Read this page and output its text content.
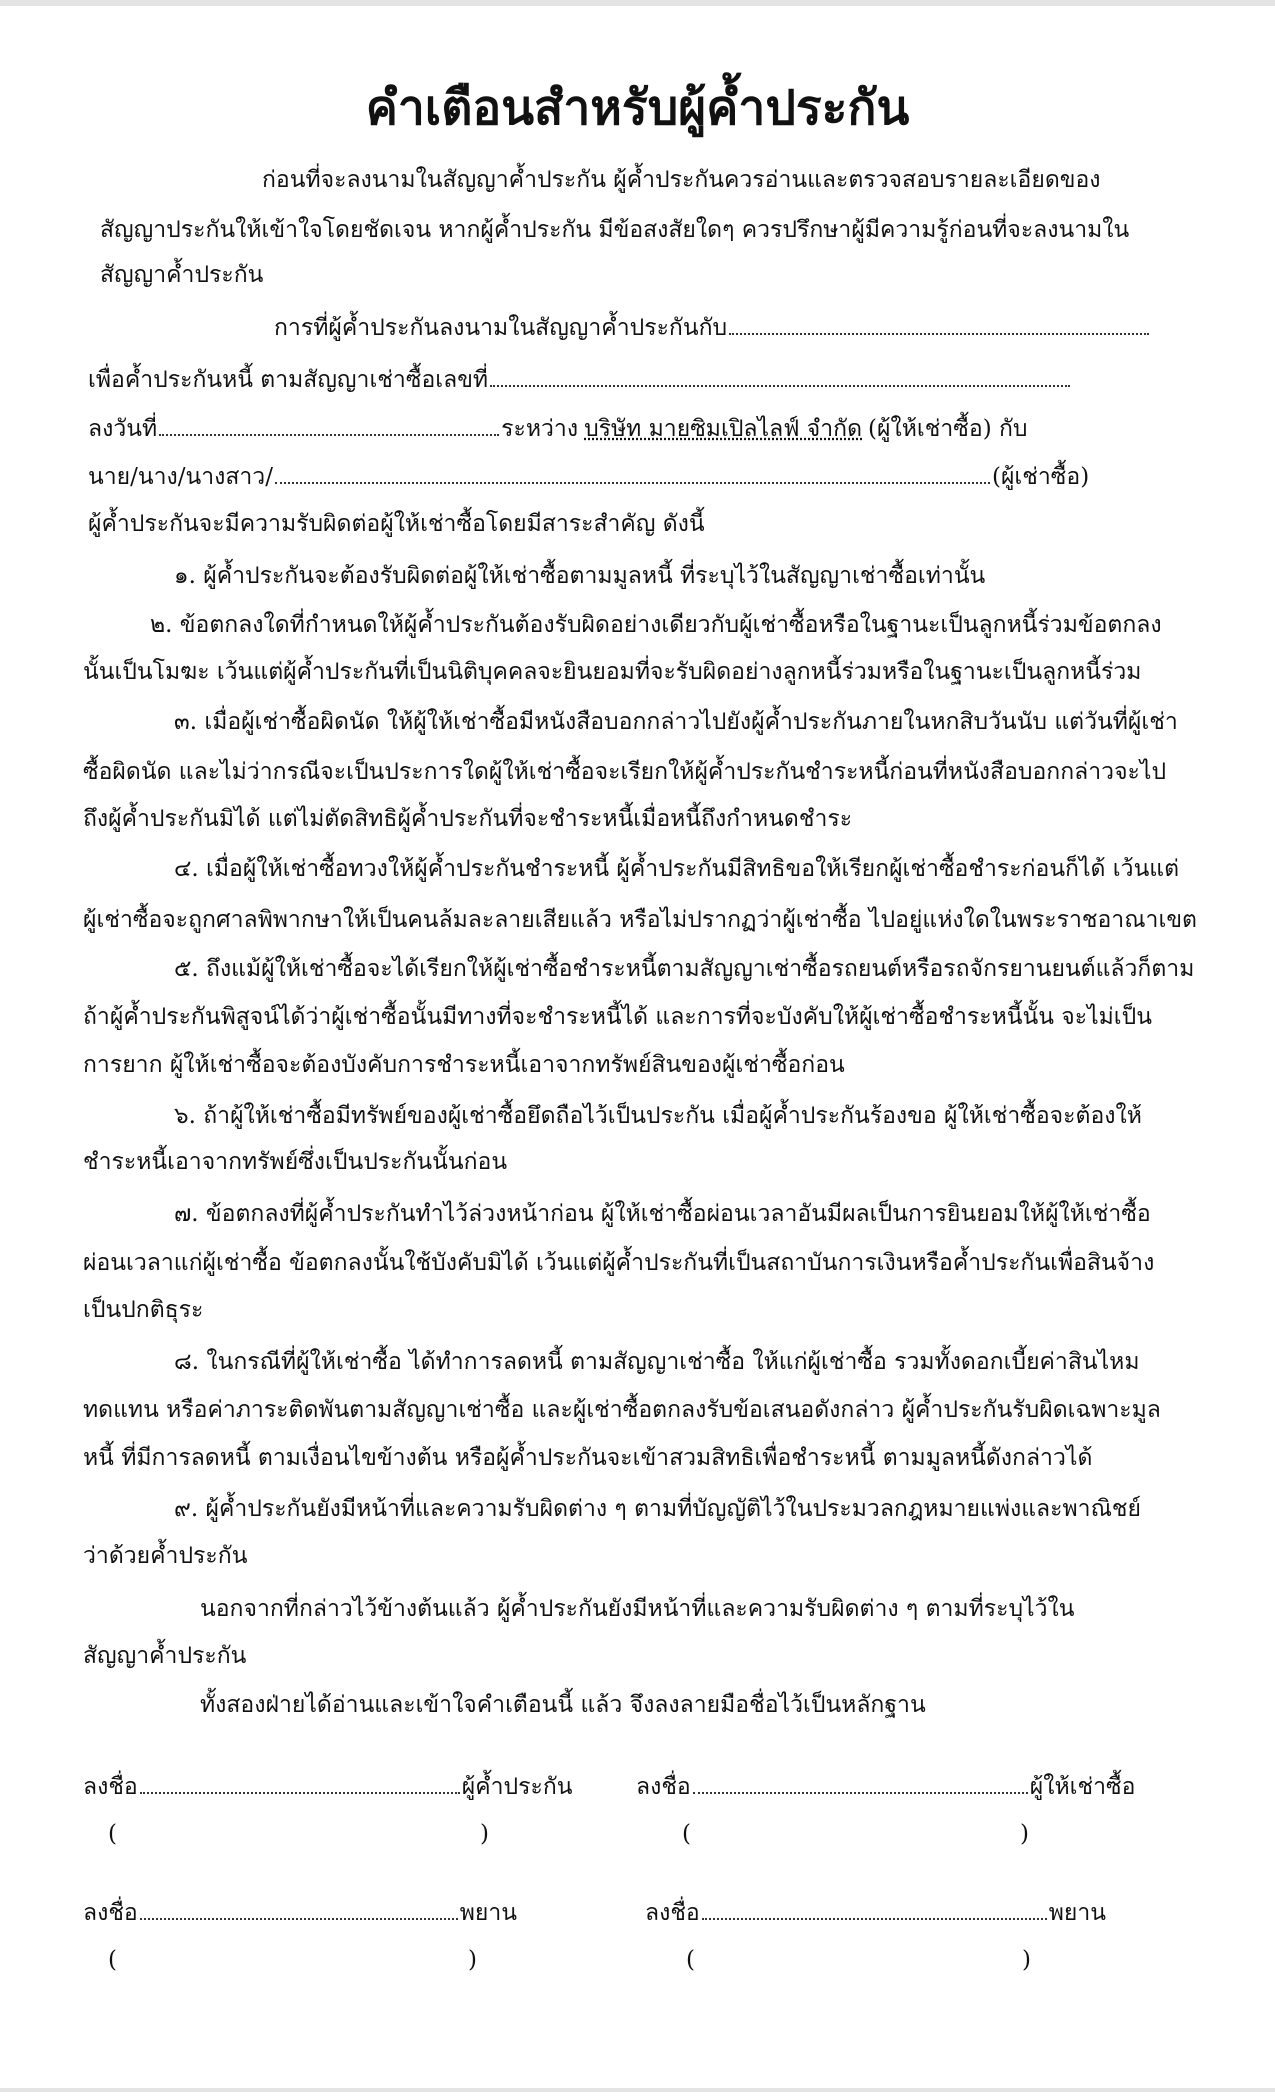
คำเตือนสำหรับผู้ค้ำประกัน
ก่อนที่จะลงนามในสัญญาค้ำประกัน ผู้ค้ำประกันควรอ่านและตรวจสอบรายละเอียดของ
สัญญาประกันให้เข้าใจโดยชัดเจน หากผู้ค้ำประกัน มีข้อสงสัยใดๆ ควรปรึกษาผู้มีความรู้ก่อนที่จะลงนามใน
สัญญาค้ำประกัน
การที่ผู้ค้ำประกันลงนามในสัญญาค้ำประกันกับ
เพื่อค้ำประกันหนี้ ตามสัญญาเช่าซื้อเลขที่
ลงวันที่	ระหว่าง บริษัท มายซิมเปิลไลฟ์ จำกัด (ผู้ให้เช่าซื้อ) กับ
นาย/นาง/นางสาว/	(ผู้เช่าซื้อ)
ผู้ค้ำประกันจะมีความรับผิดต่อผู้ให้เช่าซื้อโดยมีสาระสำคัญ ดังนี้
๑. ผู้ค้ำประกันจะต้องรับผิดต่อผู้ให้เช่าซื้อตามมูลหนี้ ที่ระบุไว้ในสัญญาเช่าซื้อเท่านั้น
๒. ข้อตกลงใดที่กำหนดให้ผู้ค้ำประกันต้องรับผิดอย่างเดียวกับผู้เช่าซื้อหรือในฐานะเป็นลูกหนี้ร่วมข้อตกลง
นั้นเป็นโมฆะ เว้นแต่ผู้ค้ำประกันที่เป็นนิติบุคคลจะยินยอมที่จะรับผิดอย่างลูกหนี้ร่วมหรือในฐานะเป็นลูกหนี้ร่วม
๓. เมื่อผู้เช่าซื้อผิดนัด ให้ผู้ให้เช่าซื้อมีหนังสือบอกกล่าวไปยังผู้ค้ำประกันภายในหกสิบวันนับ แต่วันที่ผู้เช่า
ซื้อผิดนัด และไม่ว่ากรณีจะเป็นประการใดผู้ให้เช่าซื้อจะเรียกให้ผู้ค้ำประกันชำระหนี้ก่อนที่หนังสือบอกกล่าวจะไป
ถึงผู้ค้ำประกันมิได้ แต่ไม่ตัดสิทธิผู้ค้ำประกันที่จะชำระหนี้เมื่อหนี้ถึงกำหนดชำระ
๔. เมื่อผู้ให้เช่าซื้อทวงให้ผู้ค้ำประกันชำระหนี้ ผู้ค้ำประกันมีสิทธิขอให้เรียกผู้เช่าซื้อชำระก่อนก็ได้ เว้นแต่
ผู้เช่าซื้อจะถูกศาลพิพากษาให้เป็นคนล้มละลายเสียแล้ว หรือไม่ปรากฏว่าผู้เช่าซื้อ ไปอยู่แห่งใดในพระราชอาณาเขต
๕. ถึงแม้ผู้ให้เช่าซื้อจะได้เรียกให้ผู้เช่าซื้อชำระหนี้ตามสัญญาเช่าซื้อรถยนต์หรือรถจักรยานยนต์แล้วก็ตาม
ถ้าผู้ค้ำประกันพิสูจน์ได้ว่าผู้เช่าซื้อนั้นมีทางที่จะชำระหนี้ได้ และการที่จะบังคับให้ผู้เช่าซื้อชำระหนี้นั้น จะไม่เป็น
การยาก ผู้ให้เช่าซื้อจะต้องบังคับการชำระหนี้เอาจากทรัพย์สินของผู้เช่าซื้อก่อน
๖. ถ้าผู้ให้เช่าซื้อมีทรัพย์ของผู้เช่าซื้อยึดถือไว้เป็นประกัน เมื่อผู้ค้ำประกันร้องขอ ผู้ให้เช่าซื้อจะต้องให้
ชำระหนี้เอาจากทรัพย์ซึ่งเป็นประกันนั้นก่อน
๗. ข้อตกลงที่ผู้ค้ำประกันทำไว้ล่วงหน้าก่อน ผู้ให้เช่าซื้อผ่อนเวลาอันมีผลเป็นการยินยอมให้ผู้ให้เช่าซื้อ
ผ่อนเวลาแก่ผู้เช่าซื้อ ข้อตกลงนั้นใช้บังคับมิได้ เว้นแต่ผู้ค้ำประกันที่เป็นสถาบันการเงินหรือค้ำประกันเพื่อสินจ้าง
เป็นปกติธุระ
๘. ในกรณีที่ผู้ให้เช่าซื้อ ได้ทำการลดหนี้ ตามสัญญาเช่าซื้อ ให้แก่ผู้เช่าซื้อ รวมทั้งดอกเบี้ยค่าสินไหม
ทดแทน หรือค่าภาระติดพันตามสัญญาเช่าซื้อ และผู้เช่าซื้อตกลงรับข้อเสนอดังกล่าว ผู้ค้ำประกันรับผิดเฉพาะมูล
หนี้ ที่มีการลดหนี้ ตามเงื่อนไขข้างต้น หรือผู้ค้ำประกันจะเข้าสวมสิทธิเพื่อชำระหนี้ ตามมูลหนี้ดังกล่าวได้
๙. ผู้ค้ำประกันยังมีหน้าที่และความรับผิดต่าง ๆ ตามที่บัญญัติไว้ในประมวลกฎหมายแพ่งและพาณิชย์
ว่าด้วยค้ำประกัน
นอกจากที่กล่าวไว้ข้างต้นแล้ว ผู้ค้ำประกันยังมีหน้าที่และความรับผิดต่าง ๆ ตามที่ระบุไว้ใน
สัญญาค้ำประกัน
ทั้งสองฝ่ายได้อ่านและเข้าใจคำเตือนนี้ แล้ว จึงลงลายมือชื่อไว้เป็นหลักฐาน
ลงชื่อ	ผู้ค้ำประกัน	ลงชื่อ	ผู้ให้เช่าซื้อ
(	)	(	)
ลงชื่อ	พยาน	ลงชื่อ	พยาน
(	)	(	)
